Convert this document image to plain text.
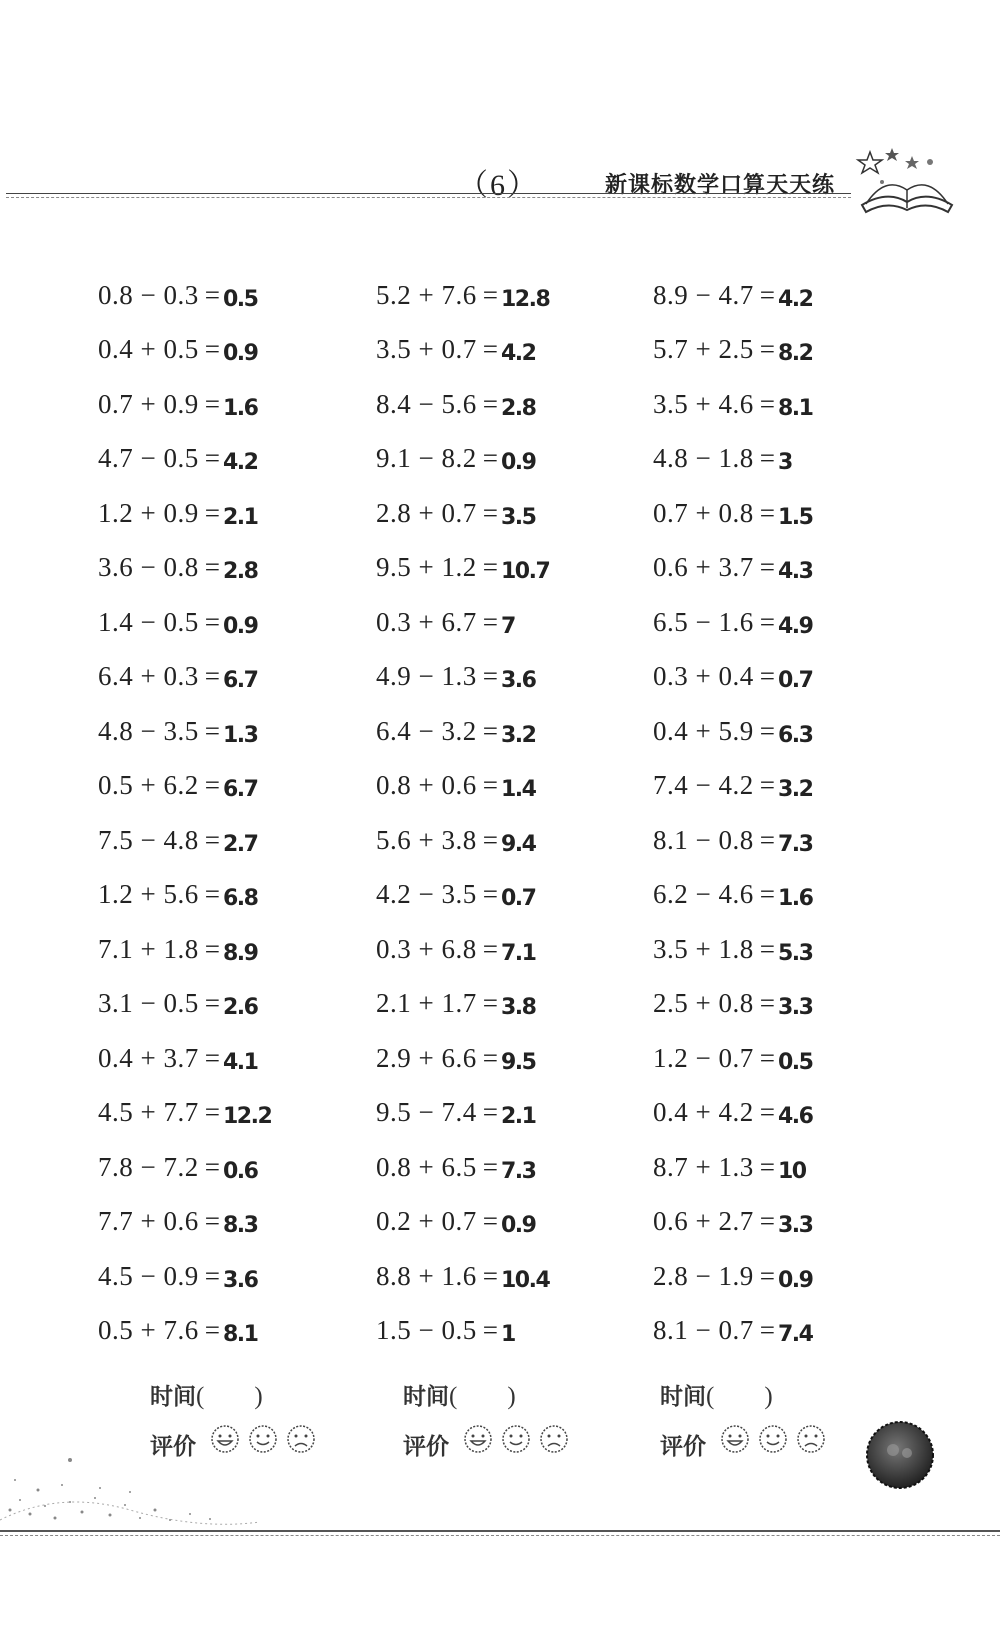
（6）	新课标数学口算天天练
0.8 − 0.3 = 0.5
0.4 + 0.5 = 0.9
0.7 + 0.9 = 1.6
4.7 − 0.5 = 4.2
1.2 + 0.9 = 2.1
3.6 − 0.8 = 2.8
1.4 − 0.5 = 0.9
6.4 + 0.3 = 6.7
4.8 − 3.5 = 1.3
0.5 + 6.2 = 6.7
7.5 − 4.8 = 2.7
1.2 + 5.6 = 6.8
7.1 + 1.8 = 8.9
3.1 − 0.5 = 2.6
0.4 + 3.7 = 4.1
4.5 + 7.7 = 12.2
7.8 − 7.2 = 0.6
7.7 + 0.6 = 8.3
4.5 − 0.9 = 3.6
0.5 + 7.6 = 8.1
5.2 + 7.6 = 12.8
3.5 + 0.7 = 4.2
8.4 − 5.6 = 2.8
9.1 − 8.2 = 0.9
2.8 + 0.7 = 3.5
9.5 + 1.2 = 10.7
0.3 + 6.7 = 7
4.9 − 1.3 = 3.6
6.4 − 3.2 = 3.2
0.8 + 0.6 = 1.4
5.6 + 3.8 = 9.4
4.2 − 3.5 = 0.7
0.3 + 6.8 = 7.1
2.1 + 1.7 = 3.8
2.9 + 6.6 = 9.5
9.5 − 7.4 = 2.1
0.8 + 6.5 = 7.3
0.2 + 0.7 = 0.9
8.8 + 1.6 = 10.4
1.5 − 0.5 = 1
8.9 − 4.7 = 4.2
5.7 + 2.5 = 8.2
3.5 + 4.6 = 8.1
4.8 − 1.8 = 3
0.7 + 0.8 = 1.5
0.6 + 3.7 = 4.3
6.5 − 1.6 = 4.9
0.3 + 0.4 = 0.7
0.4 + 5.9 = 6.3
7.4 − 4.2 = 3.2
8.1 − 0.8 = 7.3
6.2 − 4.6 = 1.6
3.5 + 1.8 = 5.3
2.5 + 0.8 = 3.3
1.2 − 0.7 = 0.5
0.4 + 4.2 = 4.6
8.7 + 1.3 = 10
0.6 + 2.7 = 3.3
2.8 − 1.9 = 0.9
8.1 − 0.7 = 7.4
时间(　　)	时间(　　)	时间(　　)
评价	评价	评价
